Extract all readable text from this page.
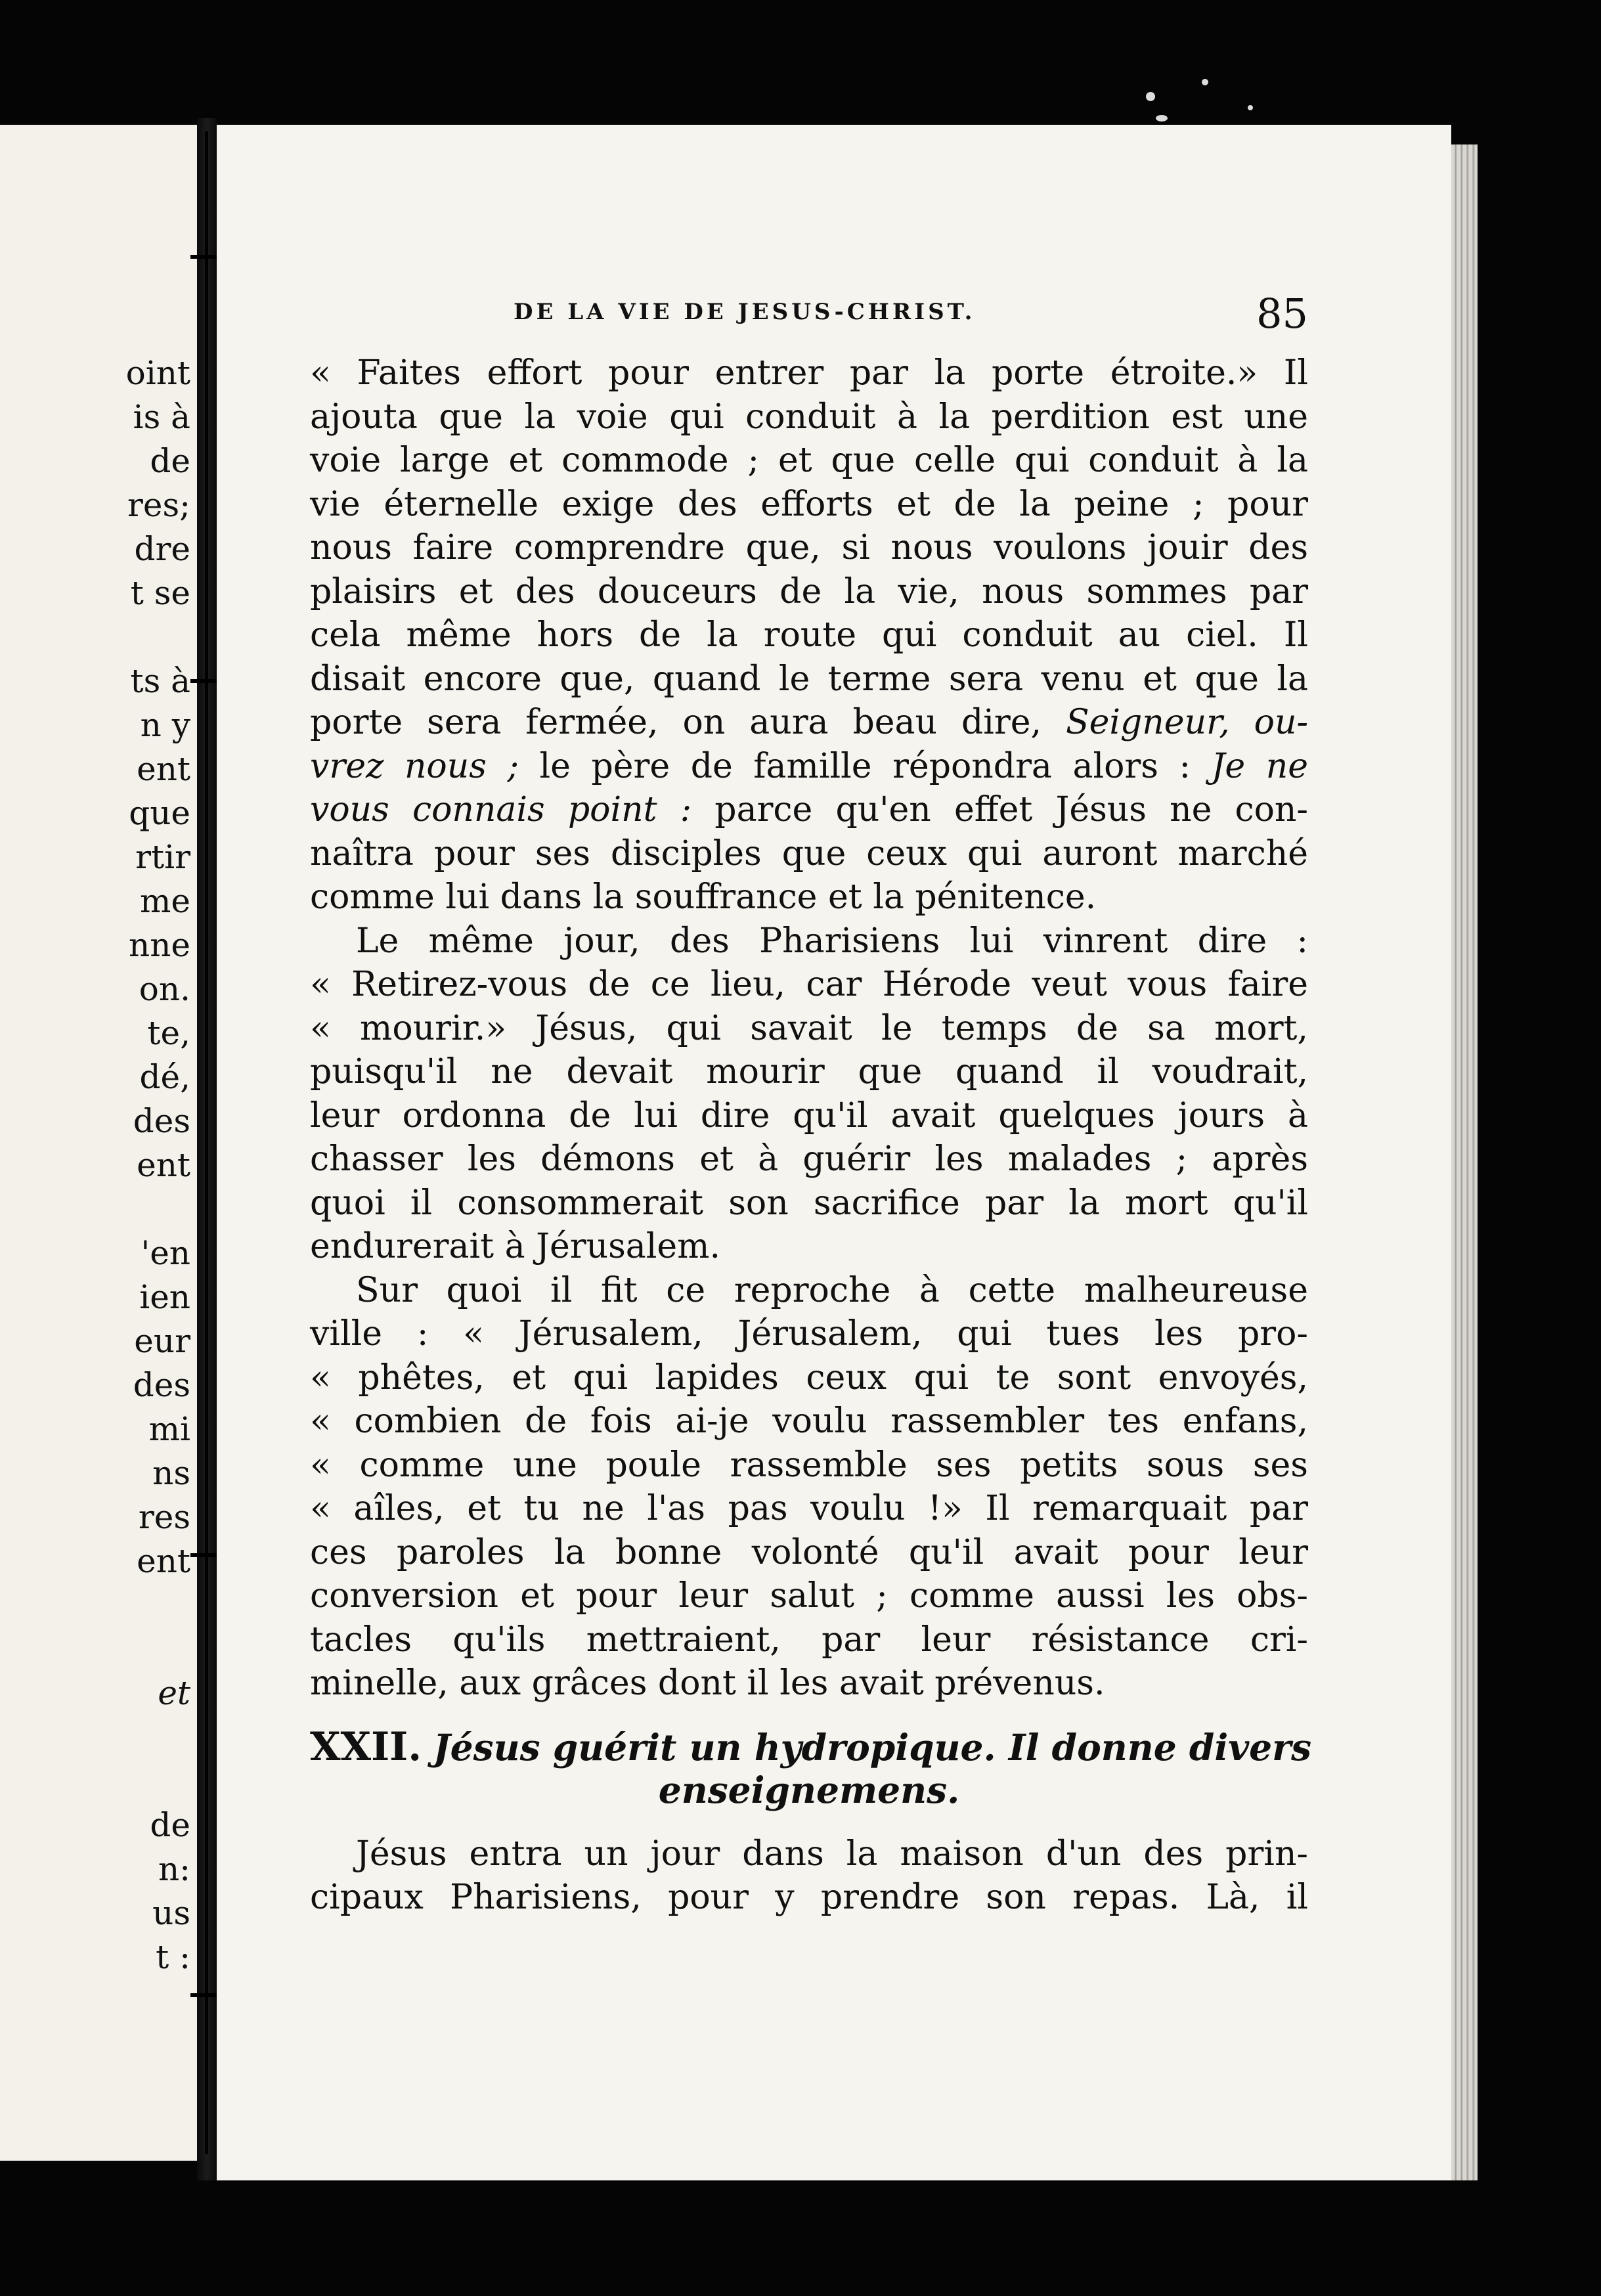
oint
is à
de
res;
dre
t se
ts à
n y
ent
que
rtir
me
nne
on.
te,
dé,
des
ent
'en
ien
eur
des
mi
ns
res
ent
et
de
n:
us
t :
DE LA VIE DE JESUS-CHRIST.	85
« Faites effort pour entrer par la porte étroite.» Il
ajouta que la voie qui conduit à la perdition est une
voie large et commode ; et que celle qui conduit à la
vie éternelle exige des efforts et de la peine ; pour
nous faire comprendre que, si nous voulons jouir des
plaisirs et des douceurs de la vie, nous sommes par
cela même hors de la route qui conduit au ciel. Il
disait encore que, quand le terme sera venu et que la
porte sera fermée, on aura beau dire, Seigneur, ou-
vrez nous ; le père de famille répondra alors : Je ne
vous connais point : parce qu'en effet Jésus ne con-
naîtra pour ses disciples que ceux qui auront marché
comme lui dans la souffrance et la pénitence.
Le même jour, des Pharisiens lui vinrent dire :
« Retirez-vous de ce lieu, car Hérode veut vous faire
« mourir.» Jésus, qui savait le temps de sa mort,
puisqu'il ne devait mourir que quand il voudrait,
leur ordonna de lui dire qu'il avait quelques jours à
chasser les démons et à guérir les malades ; après
quoi il consommerait son sacrifice par la mort qu'il
endurerait à Jérusalem.
Sur quoi il fit ce reproche à cette malheureuse
ville : « Jérusalem, Jérusalem, qui tues les pro-
« phêtes, et qui lapides ceux qui te sont envoyés,
« combien de fois ai-je voulu rassembler tes enfans,
« comme une poule rassemble ses petits sous ses
« aîles, et tu ne l'as pas voulu !» Il remarquait par
ces paroles la bonne volonté qu'il avait pour leur
conversion et pour leur salut ; comme aussi les obs-
tacles qu'ils mettraient, par leur résistance cri-
minelle, aux grâces dont il les avait prévenus.
XXII. Jésus guérit un hydropique. Il donne divers
enseignemens.
Jésus entra un jour dans la maison d'un des prin-
cipaux Pharisiens, pour y prendre son repas. Là, il
